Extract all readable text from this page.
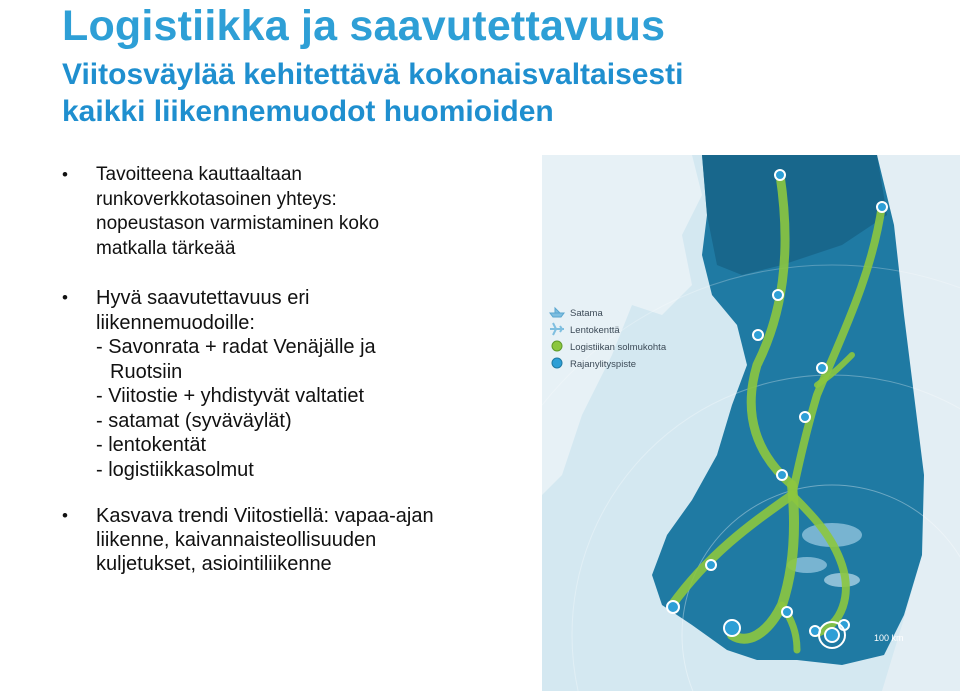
Logistiikka ja saavutettavuus
Viitosväylää kehitettävä kokonaisvaltaisesti
kaikki liikennemuodot huomioiden

• Tavoitteena kauttaaltaan
runkoverkkotasoinen yhteys:
nopeustason varmistaminen koko
matkalla tärkeää

• Hyvä saavutettavuus eri
liikennemuodoille:

- Savonrata + radat Venäjälle ja
Ruotsiin
- Viitostie + yhdistyvät valtatiet
- satamat (syväväylät)
- lentokentät
- logistiikkasolmut

• Kasvava trendi Viitostiellä: vapaa-ajan
liikenne, kaivannaisteollisuuden
kuljetukset, asiointiliikenne

100 km
Satama
Lentokenttä
Logistiikan solmukohta
Rajanylityspiste
